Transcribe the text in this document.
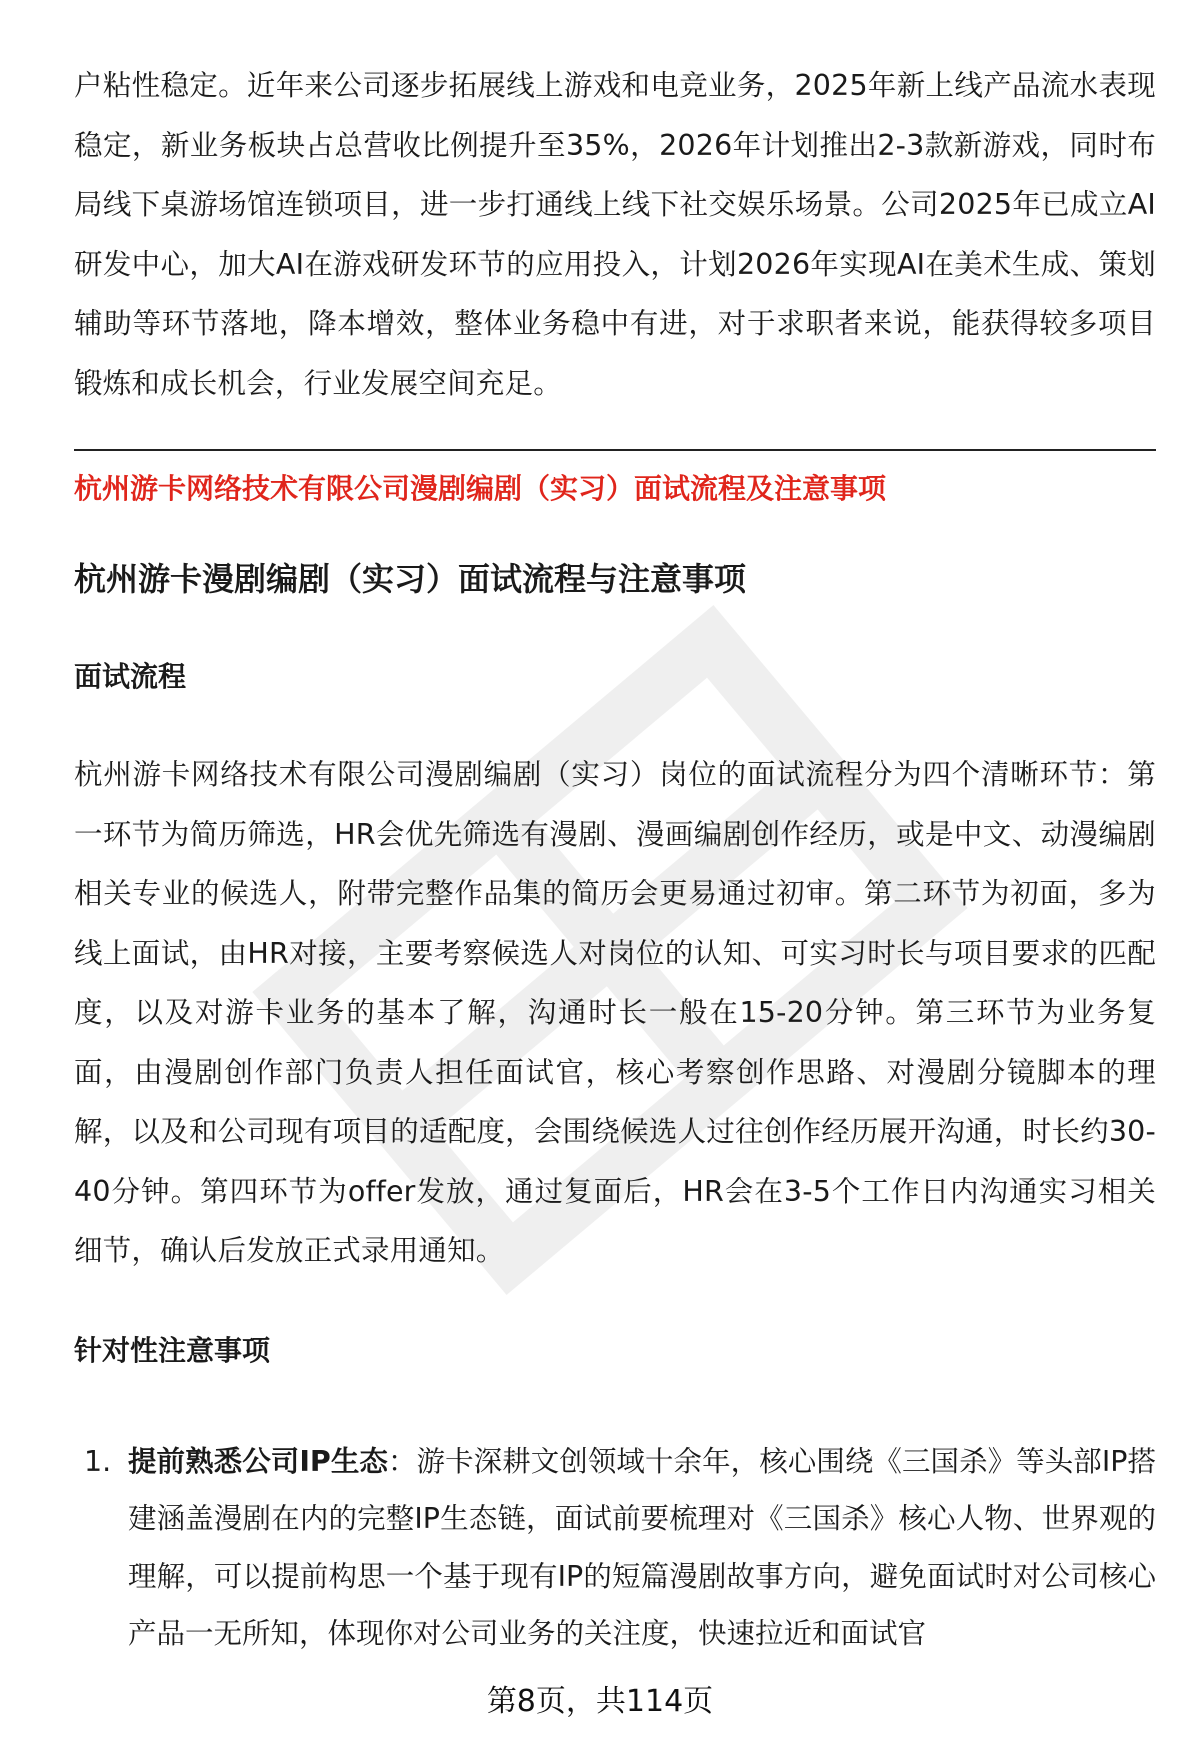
户粘性稳定。近年来公司逐步拓展线上游戏和电竞业务，2025年新上线产品流水表现稳定，新业务板块占总营收比例提升至35%，2026年计划推出2-3款新游戏，同时布局线下桌游场馆连锁项目，进一步打通线上线下社交娱乐场景。公司2025年已成立AI研发中心，加大AI在游戏研发环节的应用投入，计划2026年实现AI在美术生成、策划辅助等环节落地，降本增效，整体业务稳中有进，对于求职者来说，能获得较多项目锻炼和成长机会，行业发展空间充足。

杭州游卡网络技术有限公司漫剧编剧（实习）面试流程及注意事项
杭州游卡漫剧编剧（实习）面试流程与注意事项
面试流程

杭州游卡网络技术有限公司漫剧编剧（实习）岗位的面试流程分为四个清晰环节：第一环节为简历筛选，HR会优先筛选有漫剧、漫画编剧创作经历，或是中文、动漫编剧相关专业的候选人，附带完整作品集的简历会更易通过初审。第二环节为初面，多为线上面试，由HR对接，主要考察候选人对岗位的认知、可实习时长与项目要求的匹配度，以及对游卡业务的基本了解，沟通时长一般在15-20分钟。第三环节为业务复面，由漫剧创作部门负责人担任面试官，核心考察创作思路、对漫剧分镜脚本的理解，以及和公司现有项目的适配度，会围绕候选人过往创作经历展开沟通，时长约30-40分钟。第四环节为offer发放，通过复面后，HR会在3-5个工作日内沟通实习相关细节，确认后发放正式录用通知。

针对性注意事项
1. 提前熟悉公司IP生态：游卡深耕文创领域十余年，核心围绕《三国杀》等头部IP搭建涵盖漫剧在内的完整IP生态链，面试前要梳理对《三国杀》核心人物、世界观的理解，可以提前构思一个基于现有IP的短篇漫剧故事方向，避免面试时对公司核心产品一无所知，体现你对公司业务的关注度，快速拉近和面试官
第8页，共114页
